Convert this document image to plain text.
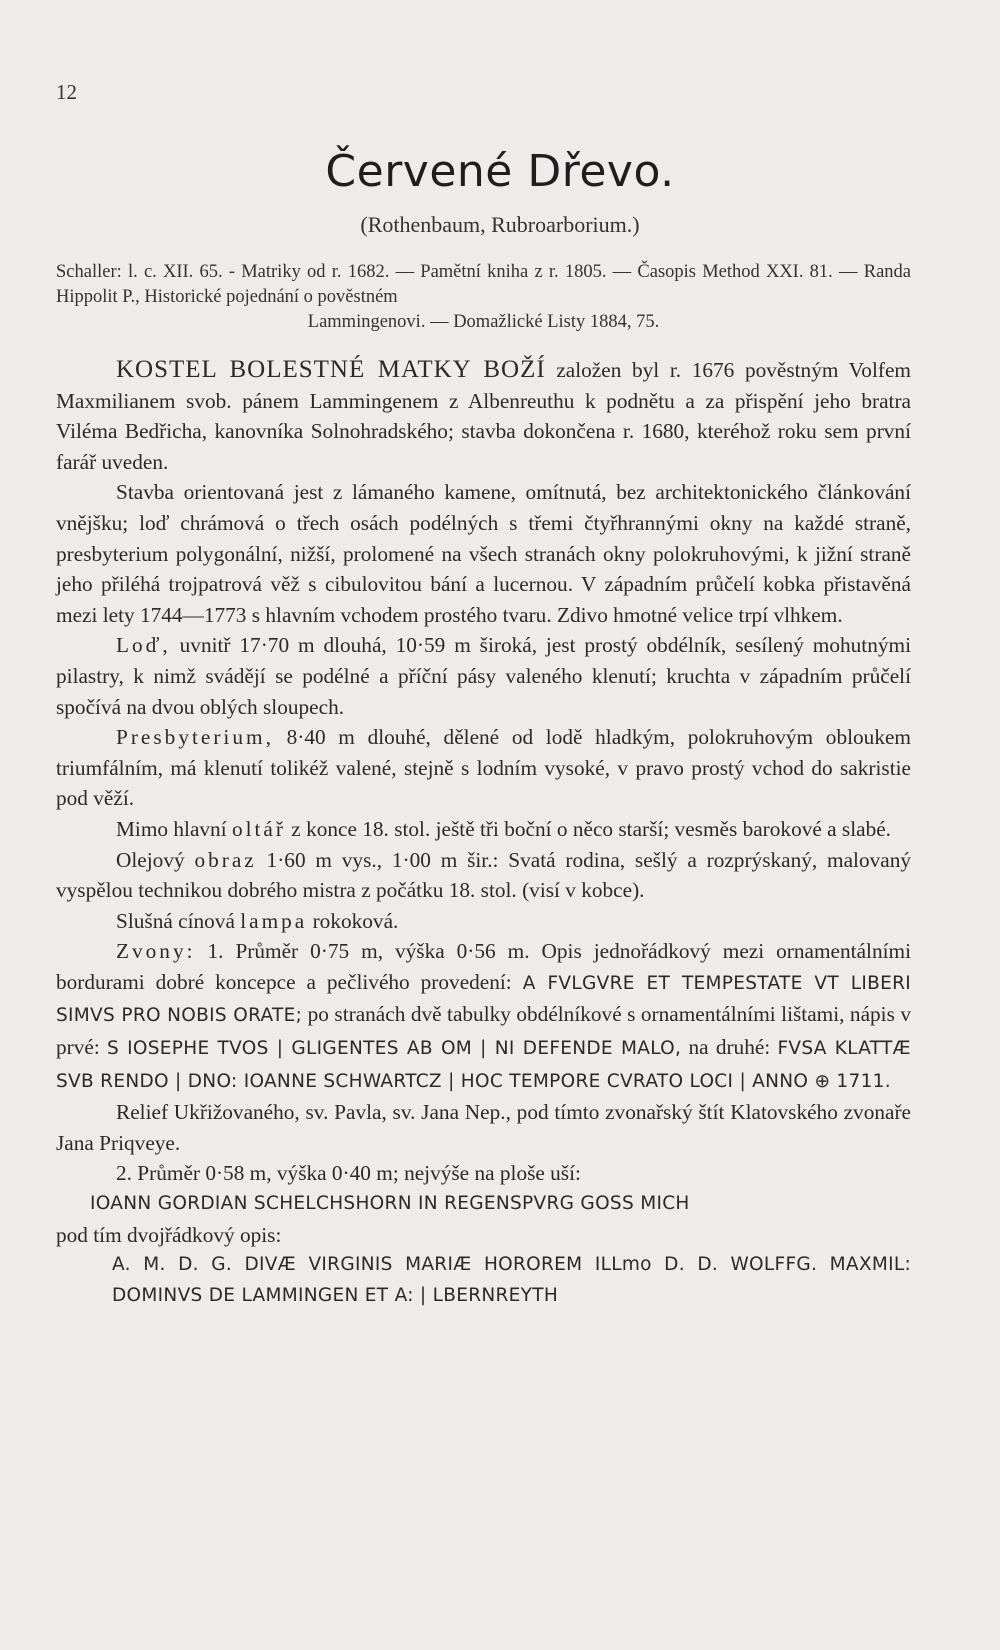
12
Červené Dřevo.
(Rothenbaum, Rubroarborium.)
Schaller: l. c. XII. 65. - Matriky od r. 1682. — Pamětní kniha z r. 1805. — Časopis Method XXI. 81. — Randa Hippolit P., Historické pojednání o pověstném
Lammingenovi. — Domažlické Listy 1884, 75.

KOSTEL BOLESTNÉ MATKY BOŽÍ založen byl r. 1676 pověstným Volfem Maxmilianem svob. pánem Lammingenem z Albenreuthu k podnětu a za přispění jeho bratra Viléma Bedřicha, kanovníka Solnohradského; stavba dokončena r. 1680, kteréhož roku sem první farář uveden.

Stavba orientovaná jest z lámaného kamene, omítnutá, bez architektonického článkování vnějšku; loď chrámová o třech osách podélných s třemi čtyřhrannými okny na každé straně, presbyterium polygonální, nižší, prolomené na všech stranách okny polokruhovými, k jižní straně jeho přiléhá trojpatrová věž s cibulovitou bání a lucernou. V západním průčelí kobka přistavěná mezi lety 1744—1773 s hlavním vchodem prostého tvaru. Zdivo hmotné velice trpí vlhkem.

Loď, uvnitř 17·70 m dlouhá, 10·59 m široká, jest prostý obdélník, sesílený mohutnými pilastry, k nimž svádějí se podélné a příční pásy valeného klenutí; kruchta v západním průčelí spočívá na dvou oblých sloupech.

Presbyterium, 8·40 m dlouhé, dělené od lodě hladkým, polokruhovým obloukem triumfálním, má klenutí tolikéž valené, stejně s lodním vysoké, v pravo prostý vchod do sakristie pod věží.

Mimo hlavní oltář z konce 18. stol. ještě tři boční o něco starší; vesměs barokové a slabé.

Olejový obraz 1·60 m vys., 1·00 m šir.: Svatá rodina, sešlý a rozprýskaný, malovaný vyspělou technikou dobrého mistra z počátku 18. stol. (visí v kobce).

Slušná cínová lampa rokoková.

Zvony: 1. Průměr 0·75 m, výška 0·56 m. Opis jednořádkový mezi ornamentálními bordurami dobré koncepce a pečlivého provedení: A FVLGVRE ET TEMPESTATE VT LIBERI SIMVS PRO NOBIS ORATE; po stranách dvě tabulky obdélníkové s ornamentálními lištami, nápis v prvé: S IOSEPHE TVOS | GLIGENTES AB OM | NI DEFENDE MALO, na druhé: FVSA KLATTÆ SVB RENDO | DNO: IOANNE SCHWARTCZ | HOC TEMPORE CVRATO LOCI | ANNO ⊕ 1711.

Relief Ukřižovaného, sv. Pavla, sv. Jana Nep., pod tímto zvonařský štít Klatovského zvonaře Jana Priqveye.

2. Průměr 0·58 m, výška 0·40 m; nejvýše na ploše uší:

IOANN GORDIAN SCHELCHSHORN IN REGENSPVRG GOSS MICH
pod tím dvojřádkový opis:
A. M. D. G. DIVÆ VIRGINIS MARIÆ HOROREM ILLmo D. D. WOLFFG. MAXMIL: DOMINVS DE LAMMINGEN ET A: | LBERNREYTH
